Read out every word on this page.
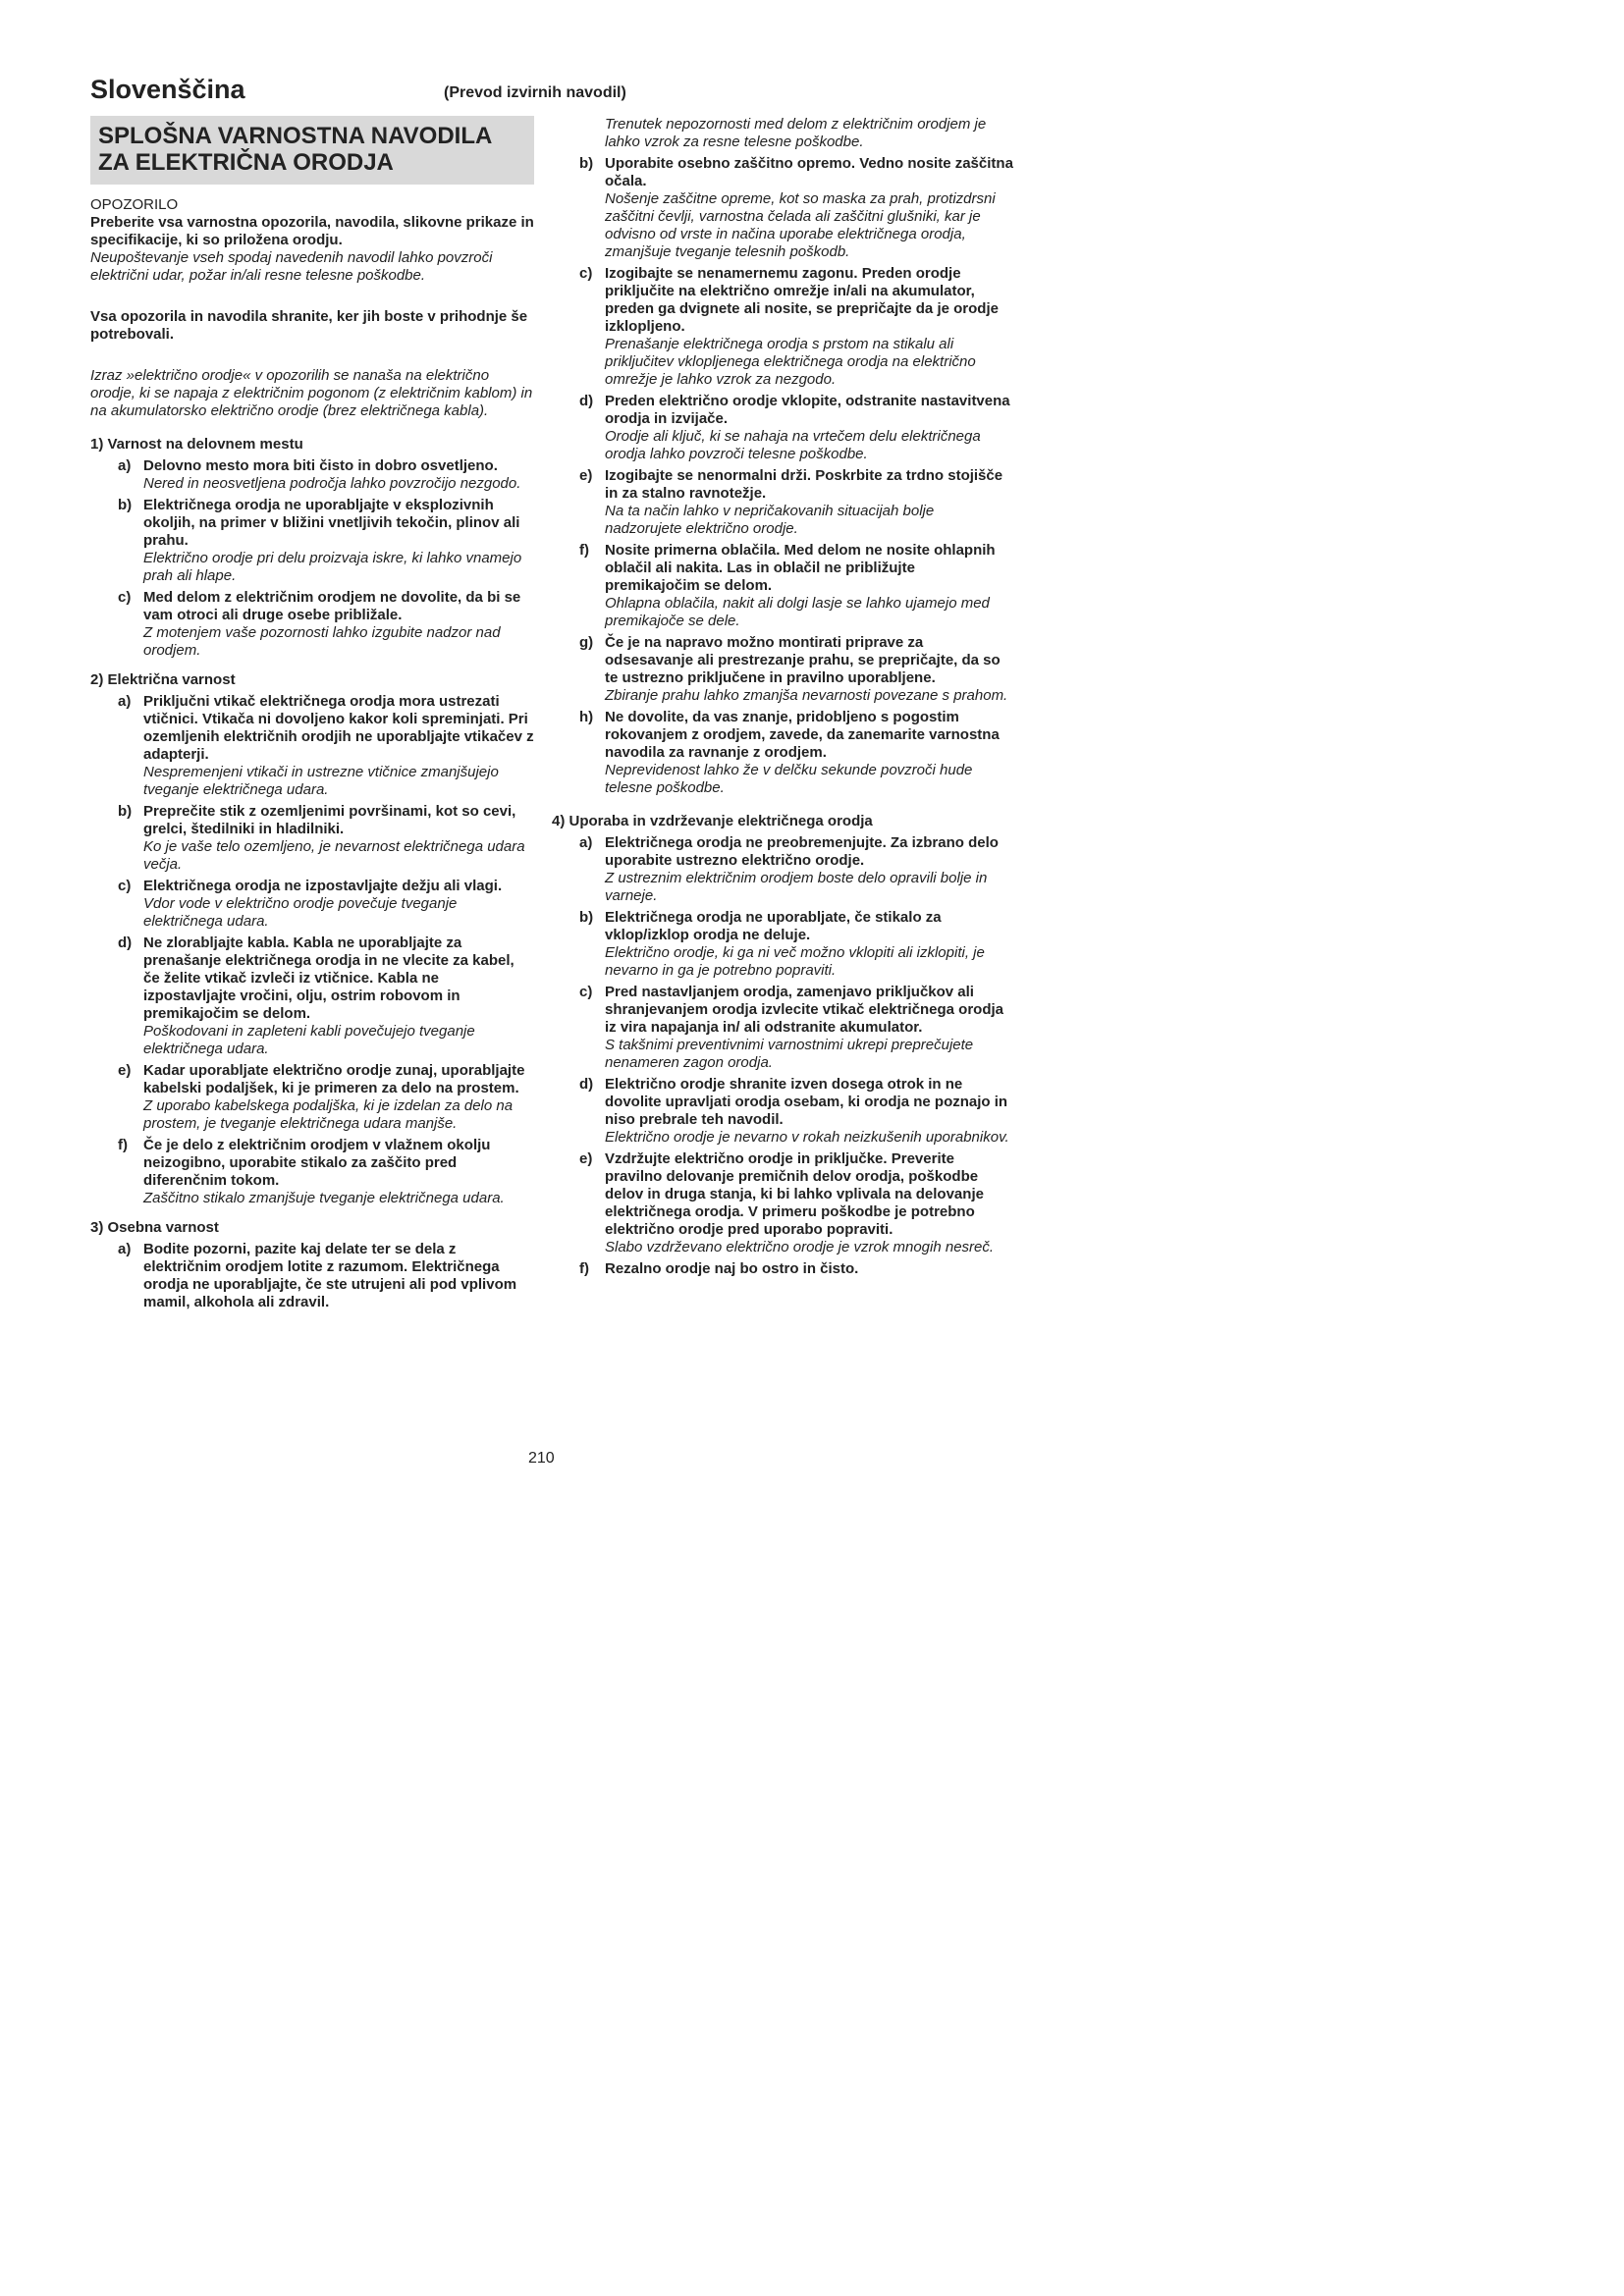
Slovenščina	(Prevod izvirnih navodil)
SPLOŠNA VARNOSTNA NAVODILA ZA ELEKTRIČNA ORODJA
OPOZORILO
Preberite vsa varnostna opozorila, navodila, slikovne prikaze in specifikacije, ki so priložena orodju.
Neupoštevanje vseh spodaj navedenih navodil lahko povzroči električni udar, požar in/ali resne telesne poškodbe.
Vsa opozorila in navodila shranite, ker jih boste v prihodnje še potrebovali.
Izraz »električno orodje« v opozorilih se nanaša na električno orodje, ki se napaja z električnim pogonom (z električnim kablom) in na akumulatorsko električno orodje (brez električnega kabla).
1) Varnost na delovnem mestu
a) Delovno mesto mora biti čisto in dobro osvetljeno.
Nered in neosvetljena področja lahko povzročijo nezgodo.
b) Električnega orodja ne uporabljajte v eksplozivnih okoljih, na primer v bližini vnetljivih tekočin, plinov ali prahu.
Električno orodje pri delu proizvaja iskre, ki lahko vnamejo prah ali hlape.
c) Med delom z električnim orodjem ne dovolite, da bi se vam otroci ali druge osebe približale.
Z motenjem vaše pozornosti lahko izgubite nadzor nad orodjem.
2) Električna varnost
a) Priključni vtikač električnega orodja mora ustrezati vtičnici. Vtikača ni dovoljeno kakor koli spreminjati. Pri ozemljenih električnih orodjih ne uporabljajte vtikačev z adapterji.
Nespremenjeni vtikači in ustrezne vtičnice zmanjšujejo tveganje električnega udara.
b) Preprečite stik z ozemljenimi površinami, kot so cevi, grelci, štedilniki in hladilniki.
Ko je vaše telo ozemljeno, je nevarnost električnega udara večja.
c) Električnega orodja ne izpostavljajte dežju ali vlagi.
Vdor vode v električno orodje povečuje tveganje električnega udara.
d) Ne zlorabljajte kabla. Kabla ne uporabljajte za prenašanje električnega orodja in ne vlecite za kabel, če želite vtikač izvleči iz vtičnice. Kabla ne izpostavljajte vročini, olju, ostrim robovom in premikajočim se delom.
Poškodovani in zapleteni kabli povečujejo tveganje električnega udara.
e) Kadar uporabljate električno orodje zunaj, uporabljajte kabelski podaljšek, ki je primeren za delo na prostem.
Z uporabo kabelskega podaljška, ki je izdelan za delo na prostem, je tveganje električnega udara manjše.
f) Če je delo z električnim orodjem v vlažnem okolju neizogibno, uporabite stikalo za zaščito pred diferenčnim tokom.
Zaščitno stikalo zmanjšuje tveganje električnega udara.
3) Osebna varnost
a) Bodite pozorni, pazite kaj delate ter se dela z električnim orodjem lotite z razumom. Električnega orodja ne uporabljajte, če ste utrujeni ali pod vplivom mamil, alkohola ali zdravil.
Trenutek nepozornosti med delom z električnim orodjem je lahko vzrok za resne telesne poškodbe.
b) Uporabite osebno zaščitno opremo. Vedno nosite zaščitna očala.
Nošenje zaščitne opreme, kot so maska za prah, protizdrsni zaščitni čevlji, varnostna čelada ali zaščitni glušniki, kar je odvisno od vrste in načina uporabe električnega orodja, zmanjšuje tveganje telesnih poškodb.
c) Izogibajte se nenamernemu zagonu. Preden orodje priključite na električno omrežje in/ali na akumulator, preden ga dvignete ali nosite, se prepričajte da je orodje izklopljeno.
Prenašanje električnega orodja s prstom na stikalu ali priključitev vklopljenega električnega orodja na električno omrežje je lahko vzrok za nezgodo.
d) Preden električno orodje vklopite, odstranite nastavitvena orodja in izvijače.
Orodje ali ključ, ki se nahaja na vrtečem delu električnega orodja lahko povzroči telesne poškodbe.
e) Izogibajte se nenormalni drži. Poskrbite za trdno stojišče in za stalno ravnotežje.
Na ta način lahko v nepričakovanih situacijah bolje nadzorujete električno orodje.
f) Nosite primerna oblačila. Med delom ne nosite ohlapnih oblačil ali nakita. Las in oblačil ne približujte premikajočim se delom.
Ohlapna oblačila, nakit ali dolgi lasje se lahko ujamejo med premikajoče se dele.
g) Če je na napravo možno montirati priprave za odsesavanje ali prestrezanje prahu, se prepričajte, da so te ustrezno priključene in pravilno uporabljene.
Zbiranje prahu lahko zmanjša nevarnosti povezane s prahom.
h) Ne dovolite, da vas znanje, pridobljeno s pogostim rokovanjem z orodjem, zavede, da zanemarite varnostna navodila za ravnanje z orodjem.
Neprevidenost lahko že v delčku sekunde povzroči hude telesne poškodbe.
4) Uporaba in vzdrževanje električnega orodja
a) Električnega orodja ne preobremenjujte. Za izbrano delo uporabite ustrezno električno orodje.
Z ustreznim električnim orodjem boste delo opravili bolje in varneje.
b) Električnega orodja ne uporabljate, če stikalo za vklop/izklop orodja ne deluje.
Električno orodje, ki ga ni več možno vklopiti ali izklopiti, je nevarno in ga je potrebno popraviti.
c) Pred nastavljanjem orodja, zamenjavo priključkov ali shranjevanjem orodja izvlecite vtikač električnega orodja iz vira napajanja in/ ali odstranite akumulator.
S takšnimi preventivnimi varnostnimi ukrepi preprečujete nenameren zagon orodja.
d) Električno orodje shranite izven dosega otrok in ne dovolite upravljati orodja osebam, ki orodja ne poznajo in niso prebrale teh navodil.
Električno orodje je nevarno v rokah neizkušenih uporabnikov.
e) Vzdržujte električno orodje in priključke. Preverite pravilno delovanje premičnih delov orodja, poškodbe delov in druga stanja, ki bi lahko vplivala na delovanje električnega orodja. V primeru poškodbe je potrebno električno orodje pred uporabo popraviti.
Slabo vzdrževano električno orodje je vzrok mnogih nesreč.
f) Rezalno orodje naj bo ostro in čisto.
210
